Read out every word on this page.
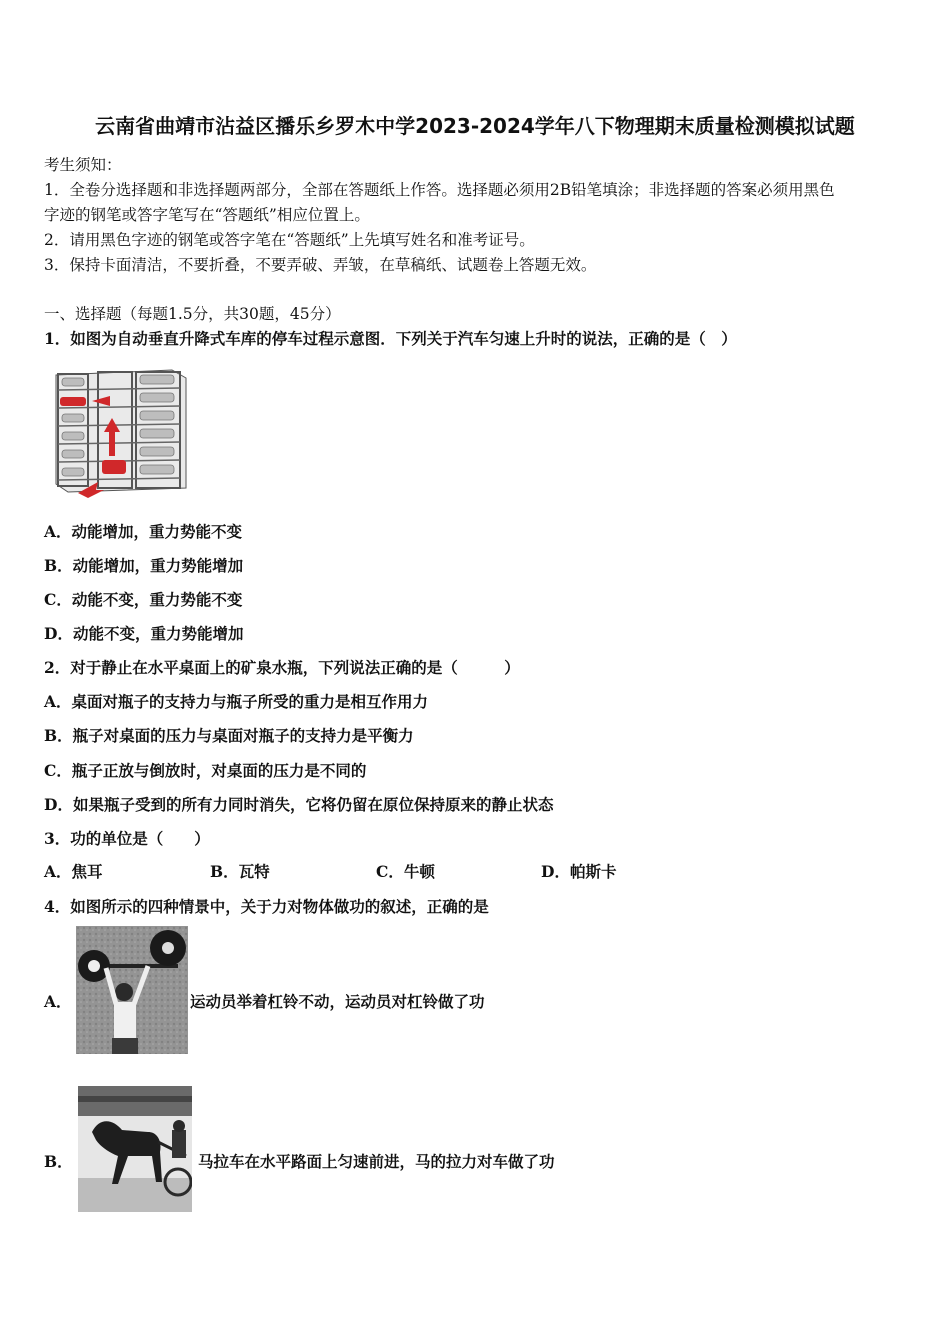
云南省曲靖市沾益区播乐乡罗木中学2023-2024学年八下物理期末质量检测模拟试题
考生须知：
1．全卷分选择题和非选择题两部分，全部在答题纸上作答。选择题必须用2B铅笔填涂；非选择题的答案必须用黑色
字迹的钢笔或答字笔写在“答题纸”相应位置上。
2．请用黑色字迹的钢笔或答字笔在“答题纸”上先填写姓名和准考证号。
3．保持卡面清洁，不要折叠，不要弄破、弄皱，在草稿纸、试题卷上答题无效。
一、选择题（每题1.5分，共30题，45分）
1．如图为自动垂直升降式车库的停车过程示意图．下列关于汽车匀速上升时的说法，正确的是（　）
A．动能增加，重力势能不变
B．动能增加，重力势能增加
C．动能不变，重力势能不变
D．动能不变，重力势能增加
2．对于静止在水平桌面上的矿泉水瓶，下列说法正确的是（　　　）
A．桌面对瓶子的支持力与瓶子所受的重力是相互作用力
B．瓶子对桌面的压力与桌面对瓶子的支持力是平衡力
C．瓶子正放与倒放时，对桌面的压力是不同的
D．如果瓶子受到的所有力同时消失，它将仍留在原位保持原来的静止状态
3．功的单位是（　　）
A．焦耳	B．瓦特	C．牛顿	D．帕斯卡
4．如图所示的四种情景中，关于力对物体做功的叙述，正确的是
A．	运动员举着杠铃不动，运动员对杠铃做了功
B．	马拉车在水平路面上匀速前进，马的拉力对车做了功
